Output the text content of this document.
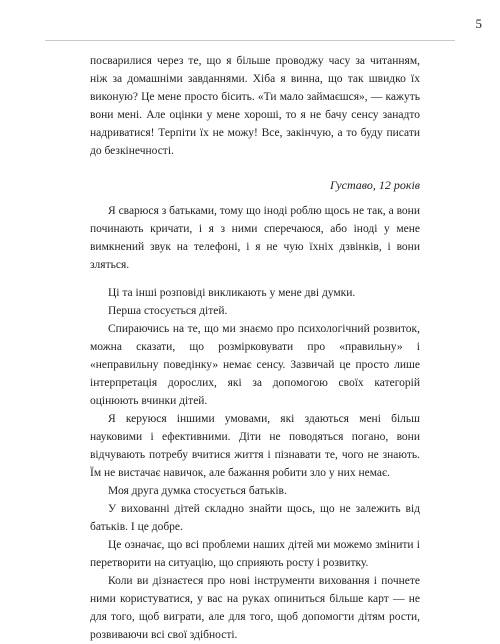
5

посварилися через те, що я більше проводжу часу за читанням, ніж за домашніми завданнями. Хіба я винна, що так швидко їх виконую? Це мене просто бісить. «Ти мало займаєшся», — кажуть вони мені. Але оцінки у мене хороші, то я не бачу сенсу занадто надриватися! Терпіти їх не можу! Все, закінчую, а то буду писати до безкінечності.

Густаво, 12 років

Я сварюся з батьками, тому що іноді роблю щось не так, а вони починають кричати, і я з ними сперечаюся, або іноді у мене вимкнений звук на телефоні, і я не чую їхніх дзвінків, і вони зляться.

Ці та інші розповіді викликають у мене дві думки.

Перша стосується дітей.

Спираючись на те, що ми знаємо про психологічний розвиток, можна сказати, що розмірковувати про «правильну» і «неправильну поведінку» немає сенсу. Зазвичай це просто лише інтерпретація дорослих, які за допомогою своїх категорій оцінюють вчинки дітей.

Я керуюся іншими умовами, які здаються мені більш науковими і ефективними. Діти не поводяться погано, вони відчувають потребу вчитися життя і пізнавати те, чого не знають. Їм не вистачає навичок, але бажання робити зло у них немає.

Моя друга думка стосується батьків.

У вихованні дітей складно знайти щось, що не залежить від батьків. І це добре.

Це означає, що всі проблеми наших дітей ми можемо змінити і перетворити на ситуацію, що сприяють росту і розвитку.

Коли ви дізнаєтеся про нові інструменти виховання і почнете ними користуватися, у вас на руках опиниться більше карт — не для того, щоб виграти, але для того, щоб допомогти дітям рости, розвиваючи всі свої здібності.
